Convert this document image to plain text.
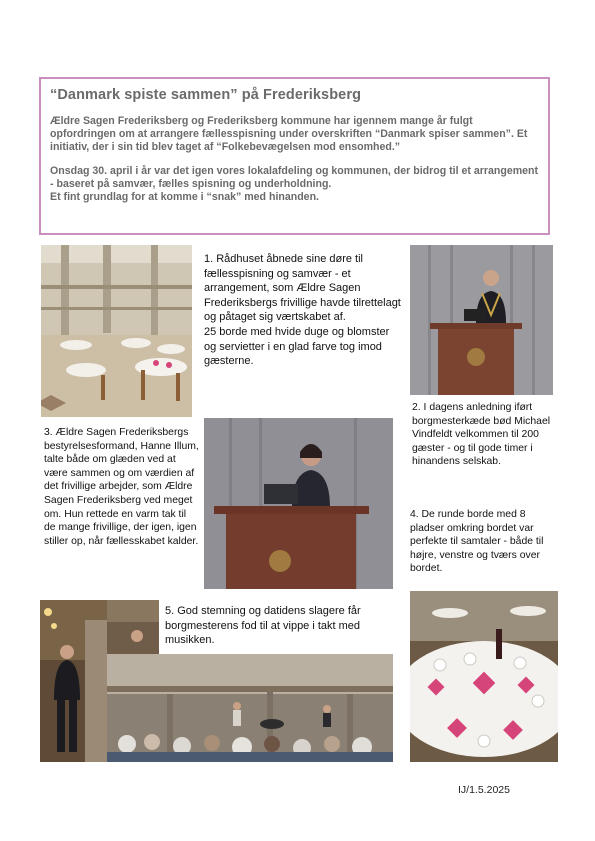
“Danmark spiste sammen” på Frederiksberg

Ældre Sagen Frederiksberg og Frederiksberg kommune har igennem mange år fulgt opfordringen om at arrangere fællesspisning under overskriften “Danmark spiser sammen”. Et initiativ, der i sin tid blev taget af “Folkebevægelsen mod ensomhed.”

Onsdag 30. april i år var det igen vores lokalafdeling og kommunen, der bidrog til et arrangement - baseret på samvær, fælles spisning og underholdning.
Et fint grundlag for at komme i “snak” med hinanden.

1. Rådhuset åbnede sine døre til fællesspisning og samvær - et arrangement, som Ældre Sagen Frederiksbergs frivillige havde tilrettelagt og påtaget sig værtskabet af.
25 borde med hvide duge og blomster og servietter i en glad farve tog imod gæsterne.

2. I dagens anledning iført borgmesterkæde bød Michael Vindfeldt velkommen til 200 gæster - og til gode timer i hinandens selskab.

3. Ældre Sagen Frederiksbergs bestyrelsesformand, Hanne Illum, talte både om glæden ved at være sammen og om værdien af det frivillige arbejder, som Ældre Sagen Frederiksberg ved meget om. Hun rettede en varm tak til de mange frivillige, der igen, igen stiller op, når fællesskabet kalder.

4. De runde borde med 8 pladser omkring bordet var perfekte til samtaler - både til højre, venstre og tværs over bordet.

5. God stemning og datidens slagere får borgmesterens fod til at vippe i takt med musikken.

IJ/1.5.2025
